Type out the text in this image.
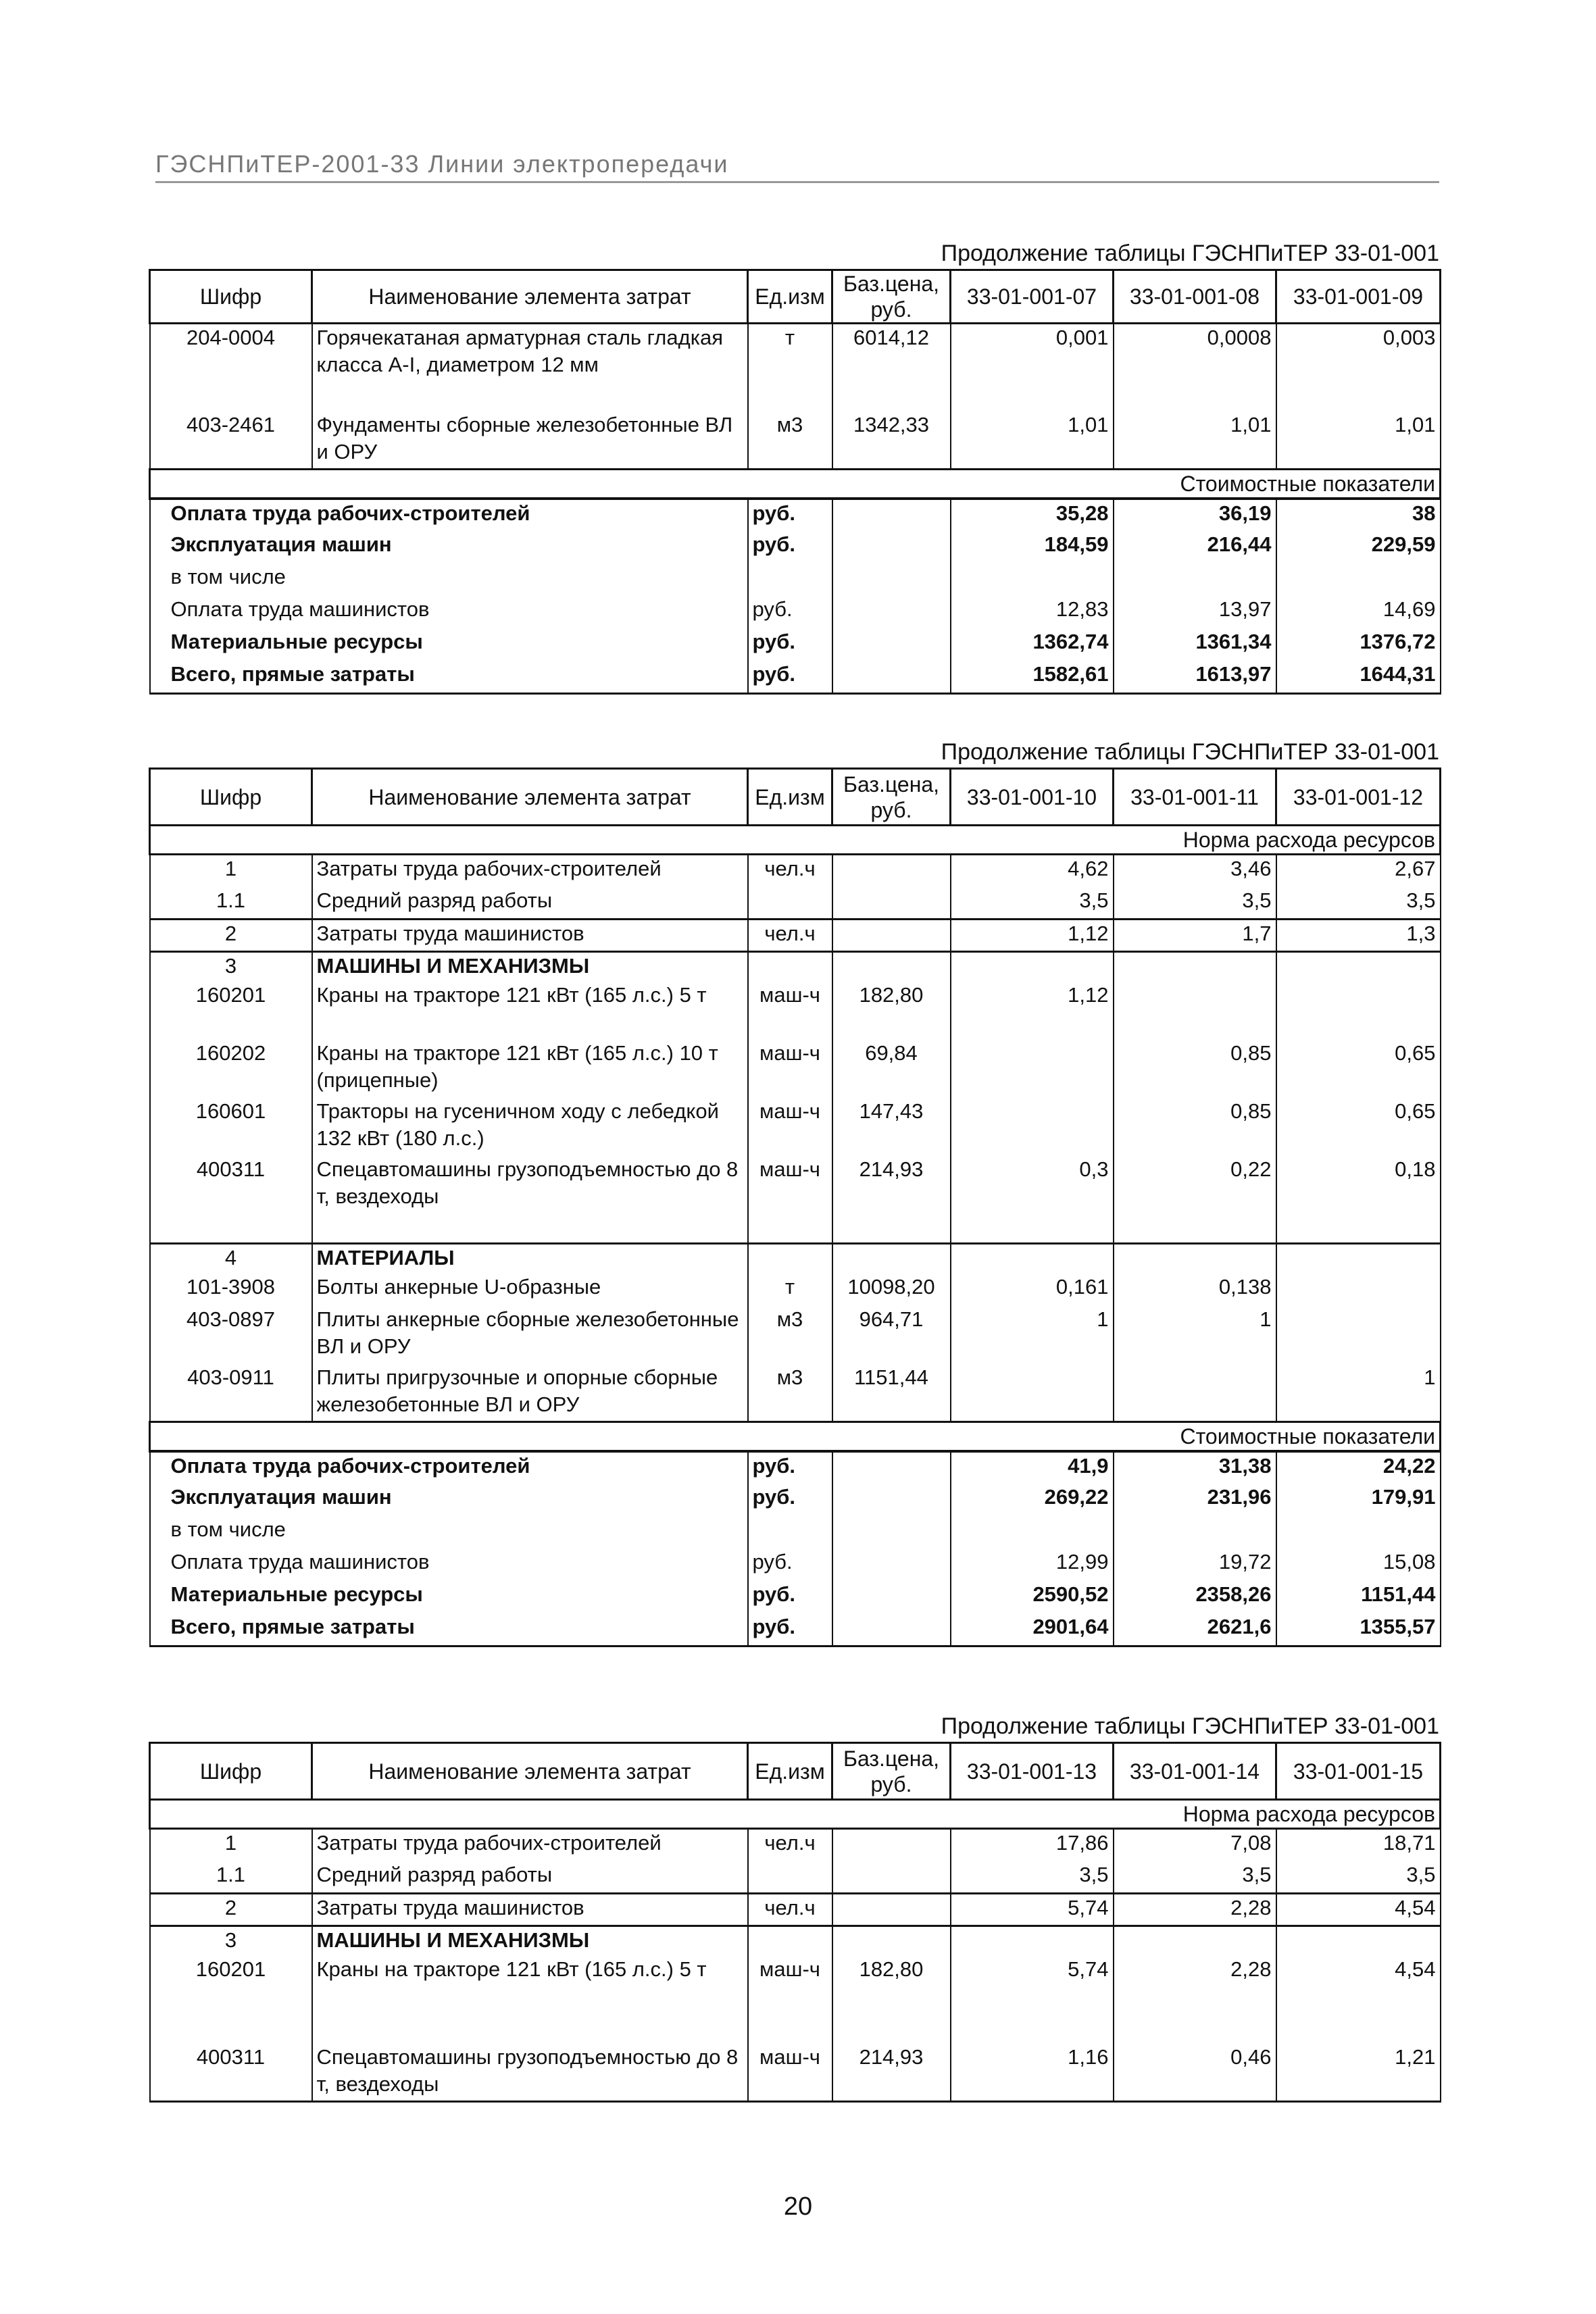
ГЭСНПиТЕР-2001-33 Линии электропередачи
Продолжение таблицы ГЭСНПиТЕР 33-01-001
Шифр	Наименование элемента затрат	Ед.изм	Баз.цена, руб.	33-01-001-07	33-01-001-08	33-01-001-09
204-0004	Горячекатаная арматурная сталь гладкая класса А-I, диаметром 12 мм	т	6014,12	0,001	0,0008	0,003
403-2461	Фундаменты сборные железобетонные ВЛ и ОРУ	м3	1342,33	1,01	1,01	1,01
Стоимостные показатели						
Оплата труда рабочих-строителей		руб.		35,28	36,19	38
Эксплуатация машин		руб.		184,59	216,44	229,59
в том числе						
Оплата труда машинистов		руб.		12,83	13,97	14,69
Материальные ресурсы		руб.		1362,74	1361,34	1376,72
Всего, прямые затраты		руб.		1582,61	1613,97	1644,31
Продолжение таблицы ГЭСНПиТЕР 33-01-001
Шифр	Наименование элемента затрат	Ед.изм	Баз.цена, руб.	33-01-001-10	33-01-001-11	33-01-001-12
Норма расхода ресурсов						
1	Затраты труда рабочих-строителей	чел.ч		4,62	3,46	2,67
1.1	Средний разряд работы			3,5	3,5	3,5
2	Затраты труда машинистов	чел.ч		1,12	1,7	1,3
3	МАШИНЫ И МЕХАНИЗМЫ					
160201	Краны на тракторе 121 кВт (165 л.с.) 5 т	маш-ч	182,80	1,12		
160202	Краны на тракторе 121 кВт (165 л.с.) 10 т (прицепные)	маш-ч	69,84		0,85	0,65
160601	Тракторы на гусеничном ходу с лебедкой 132 кВт (180 л.с.)	маш-ч	147,43		0,85	0,65
400311	Спецавтомашины грузоподъемностью до 8 т, вездеходы	маш-ч	214,93	0,3	0,22	0,18
4	МАТЕРИАЛЫ					
101-3908	Болты анкерные U-образные	т	10098,20	0,161	0,138	
403-0897	Плиты анкерные сборные железобетонные ВЛ и ОРУ	м3	964,71	1	1	
403-0911	Плиты пригрузочные и опорные сборные железобетонные ВЛ и ОРУ	м3	1151,44			1
Стоимостные показатели						
Оплата труда рабочих-строителей		руб.		41,9	31,38	24,22
Эксплуатация машин		руб.		269,22	231,96	179,91
в том числе						
Оплата труда машинистов		руб.		12,99	19,72	15,08
Материальные ресурсы		руб.		2590,52	2358,26	1151,44
Всего, прямые затраты		руб.		2901,64	2621,6	1355,57
Продолжение таблицы ГЭСНПиТЕР 33-01-001
Шифр	Наименование элемента затрат	Ед.изм	Баз.цена, руб.	33-01-001-13	33-01-001-14	33-01-001-15
Норма расхода ресурсов						
1	Затраты труда рабочих-строителей	чел.ч		17,86	7,08	18,71
1.1	Средний разряд работы			3,5	3,5	3,5
2	Затраты труда машинистов	чел.ч		5,74	2,28	4,54
3	МАШИНЫ И МЕХАНИЗМЫ					
160201	Краны на тракторе 121 кВт (165 л.с.) 5 т	маш-ч	182,80	5,74	2,28	4,54
400311	Спецавтомашины грузоподъемностью до 8 т, вездеходы	маш-ч	214,93	1,16	0,46	1,21
20
